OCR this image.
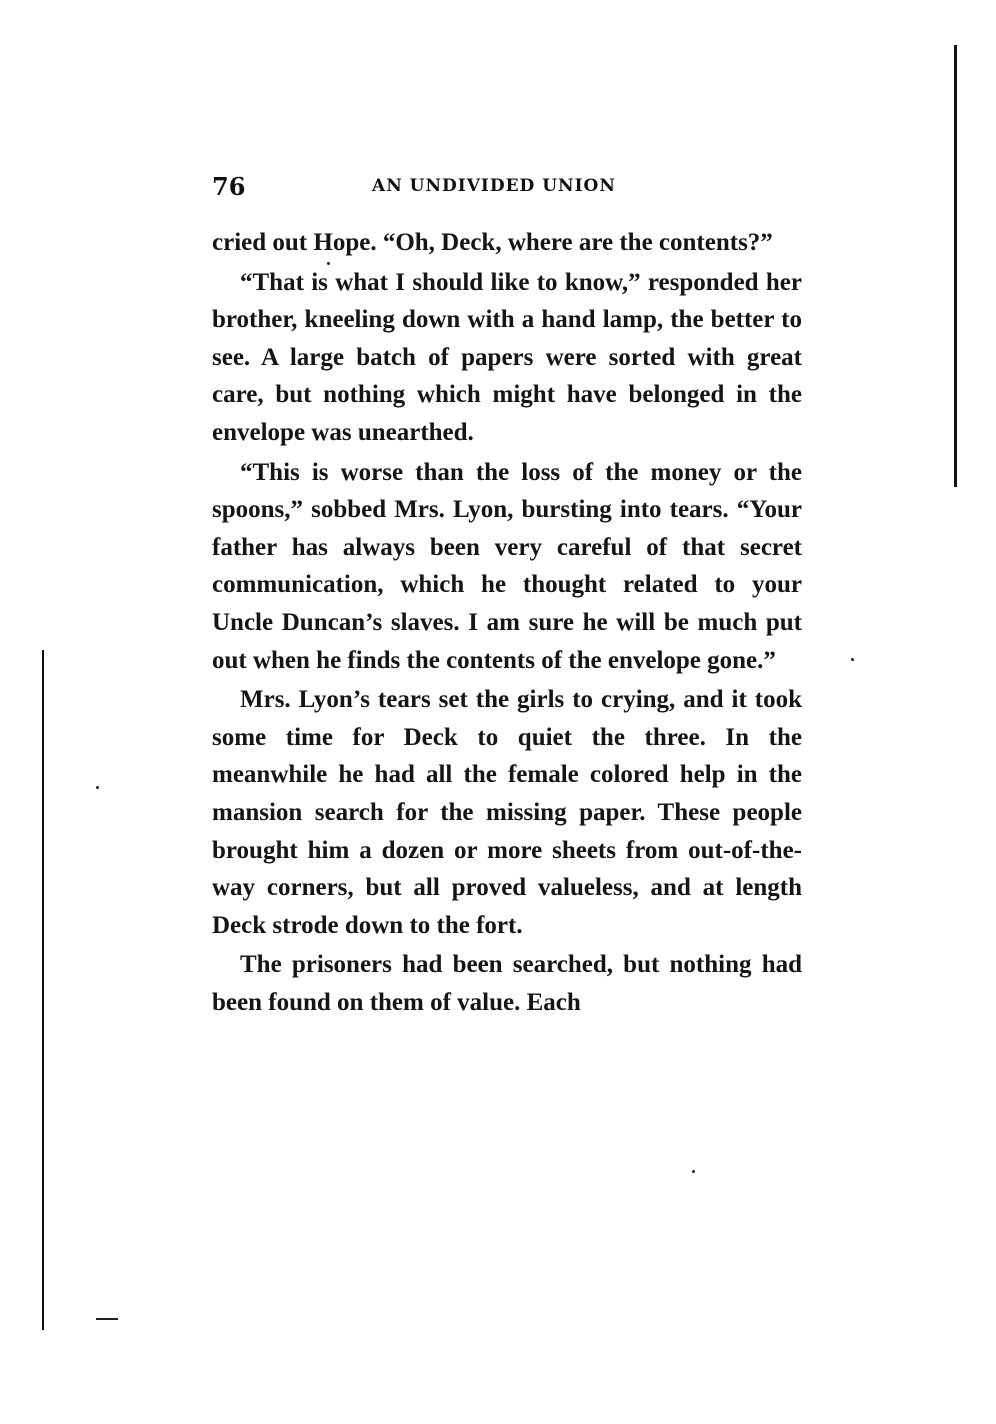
76	AN UNDIVIDED UNION

cried out Hope. “Oh, Deck, where are the contents?”

“That is what I should like to know,” responded her brother, kneeling down with a hand lamp, the better to see. A large batch of papers were sorted with great care, but nothing which might have belonged in the envelope was unearthed.

“This is worse than the loss of the money or the spoons,” sobbed Mrs. Lyon, bursting into tears. “Your father has always been very careful of that secret communication, which he thought related to your Uncle Duncan’s slaves. I am sure he will be much put out when he finds the contents of the envelope gone.”

Mrs. Lyon’s tears set the girls to crying, and it took some time for Deck to quiet the three. In the meanwhile he had all the female colored help in the mansion search for the missing paper. These people brought him a dozen or more sheets from out-of-the-way corners, but all proved valueless, and at length Deck strode down to the fort.

The prisoners had been searched, but nothing had been found on them of value. Each
